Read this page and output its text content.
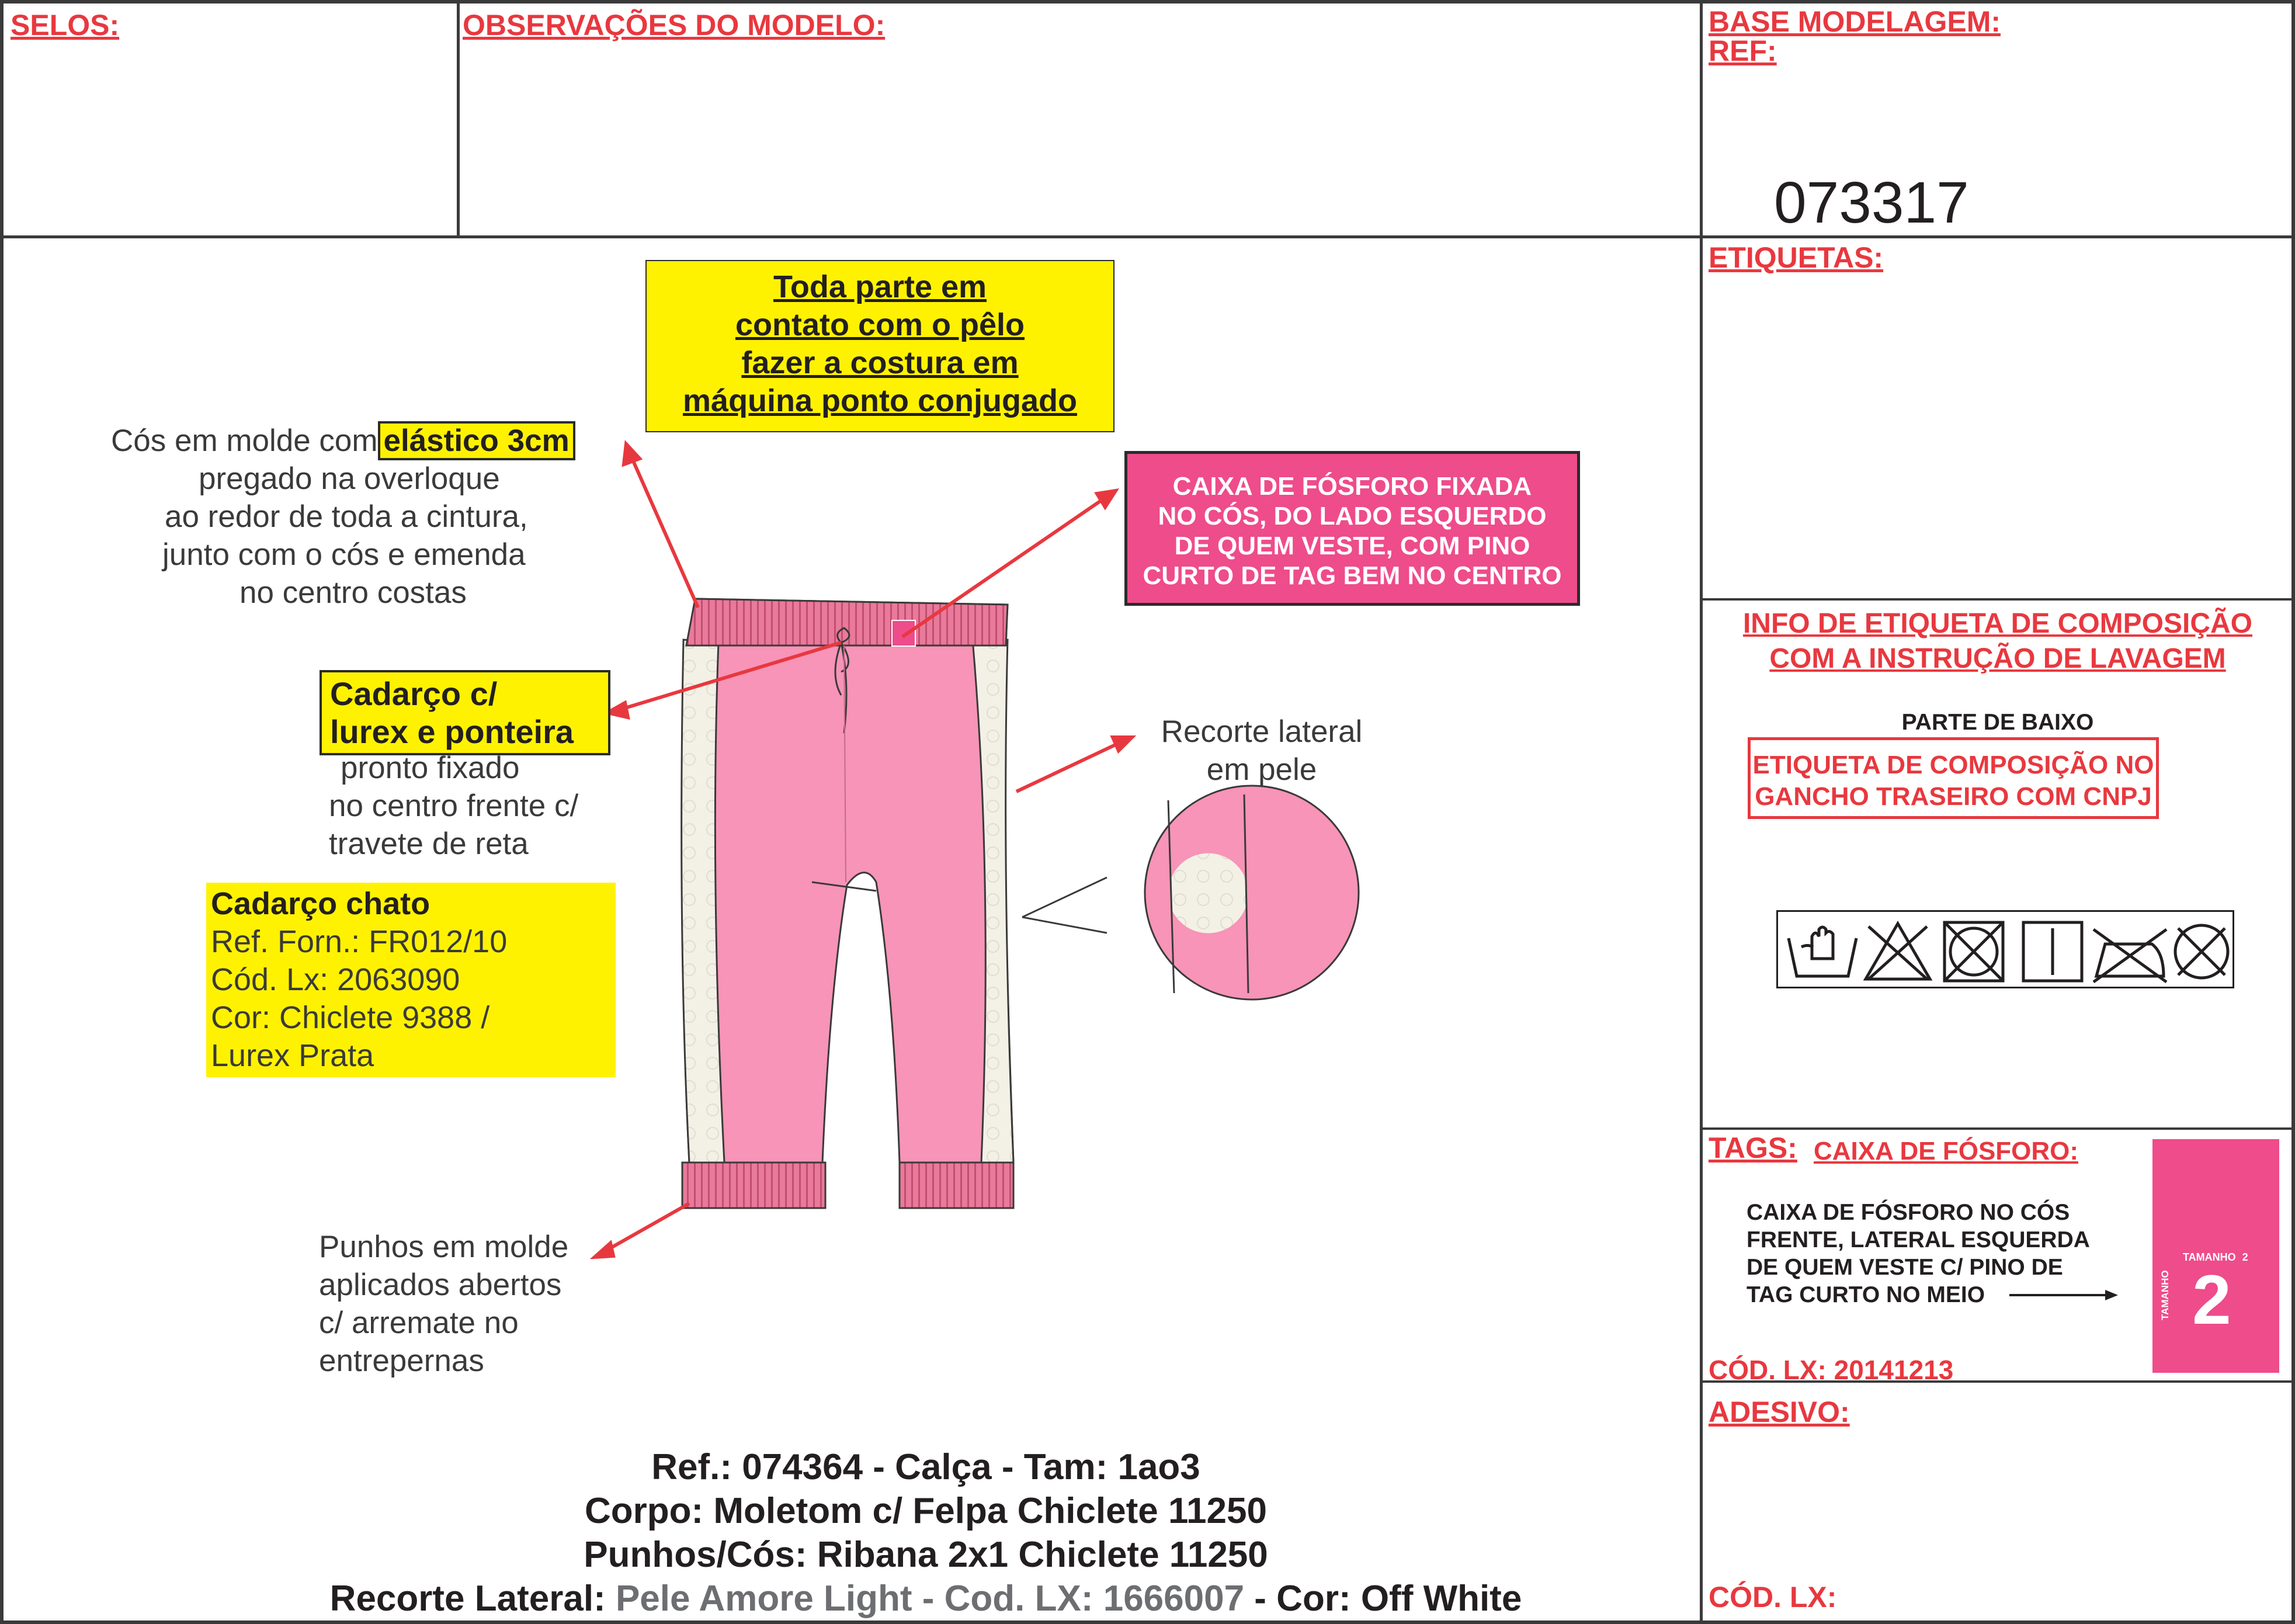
SELOS:	OBSERVAÇÕES DO MODELO:	BASE MODELAGEM:
REF:
073317
ETIQUETAS:
INFO DE ETIQUETA DE COMPOSIÇÃO
COM A INSTRUÇÃO DE LAVAGEM
PARTE DE BAIXO
ETIQUETA DE COMPOSIÇÃO NO
GANCHO TRASEIRO COM CNPJ
TAGS: CAIXA DE FÓSFORO:
CAIXA DE FÓSFORO NO CÓS
FRENTE, LATERAL ESQUERDA
DE QUEM VESTE C/ PINO DE
TAG CURTO NO MEIO
TAMANHO 2
TAMANHO 2
CÓD. LX: 20141213
ADESIVO:
CÓD. LX:
Toda parte em
contato com o pêlo
fazer a costura em
máquina ponto conjugado
Cós em molde com elástico 3cm
pregado na overloque
ao redor de toda a cintura,
junto com o cós e emenda
no centro costas
CAIXA DE FÓSFORO FIXADA
NO CÓS, DO LADO ESQUERDO
DE QUEM VESTE, COM PINO
CURTO DE TAG BEM NO CENTRO
Cadarço c/
lurex e ponteira
pronto fixado
no centro frente c/
travete de reta
Cadarço chato
Ref. Forn.: FR012/10
Cód. Lx: 2063090
Cor: Chiclete 9388 /
Lurex Prata
Recorte lateral
em pele
Punhos em molde
aplicados abertos
c/ arremate no
entrepernas
Ref.: 074364 - Calça - Tam: 1ao3
Corpo: Moletom c/ Felpa Chiclete 11250
Punhos/Cós: Ribana 2x1 Chiclete 11250
Recorte Lateral: Pele Amore Light - Cod. LX: 1666007 - Cor: Off White
